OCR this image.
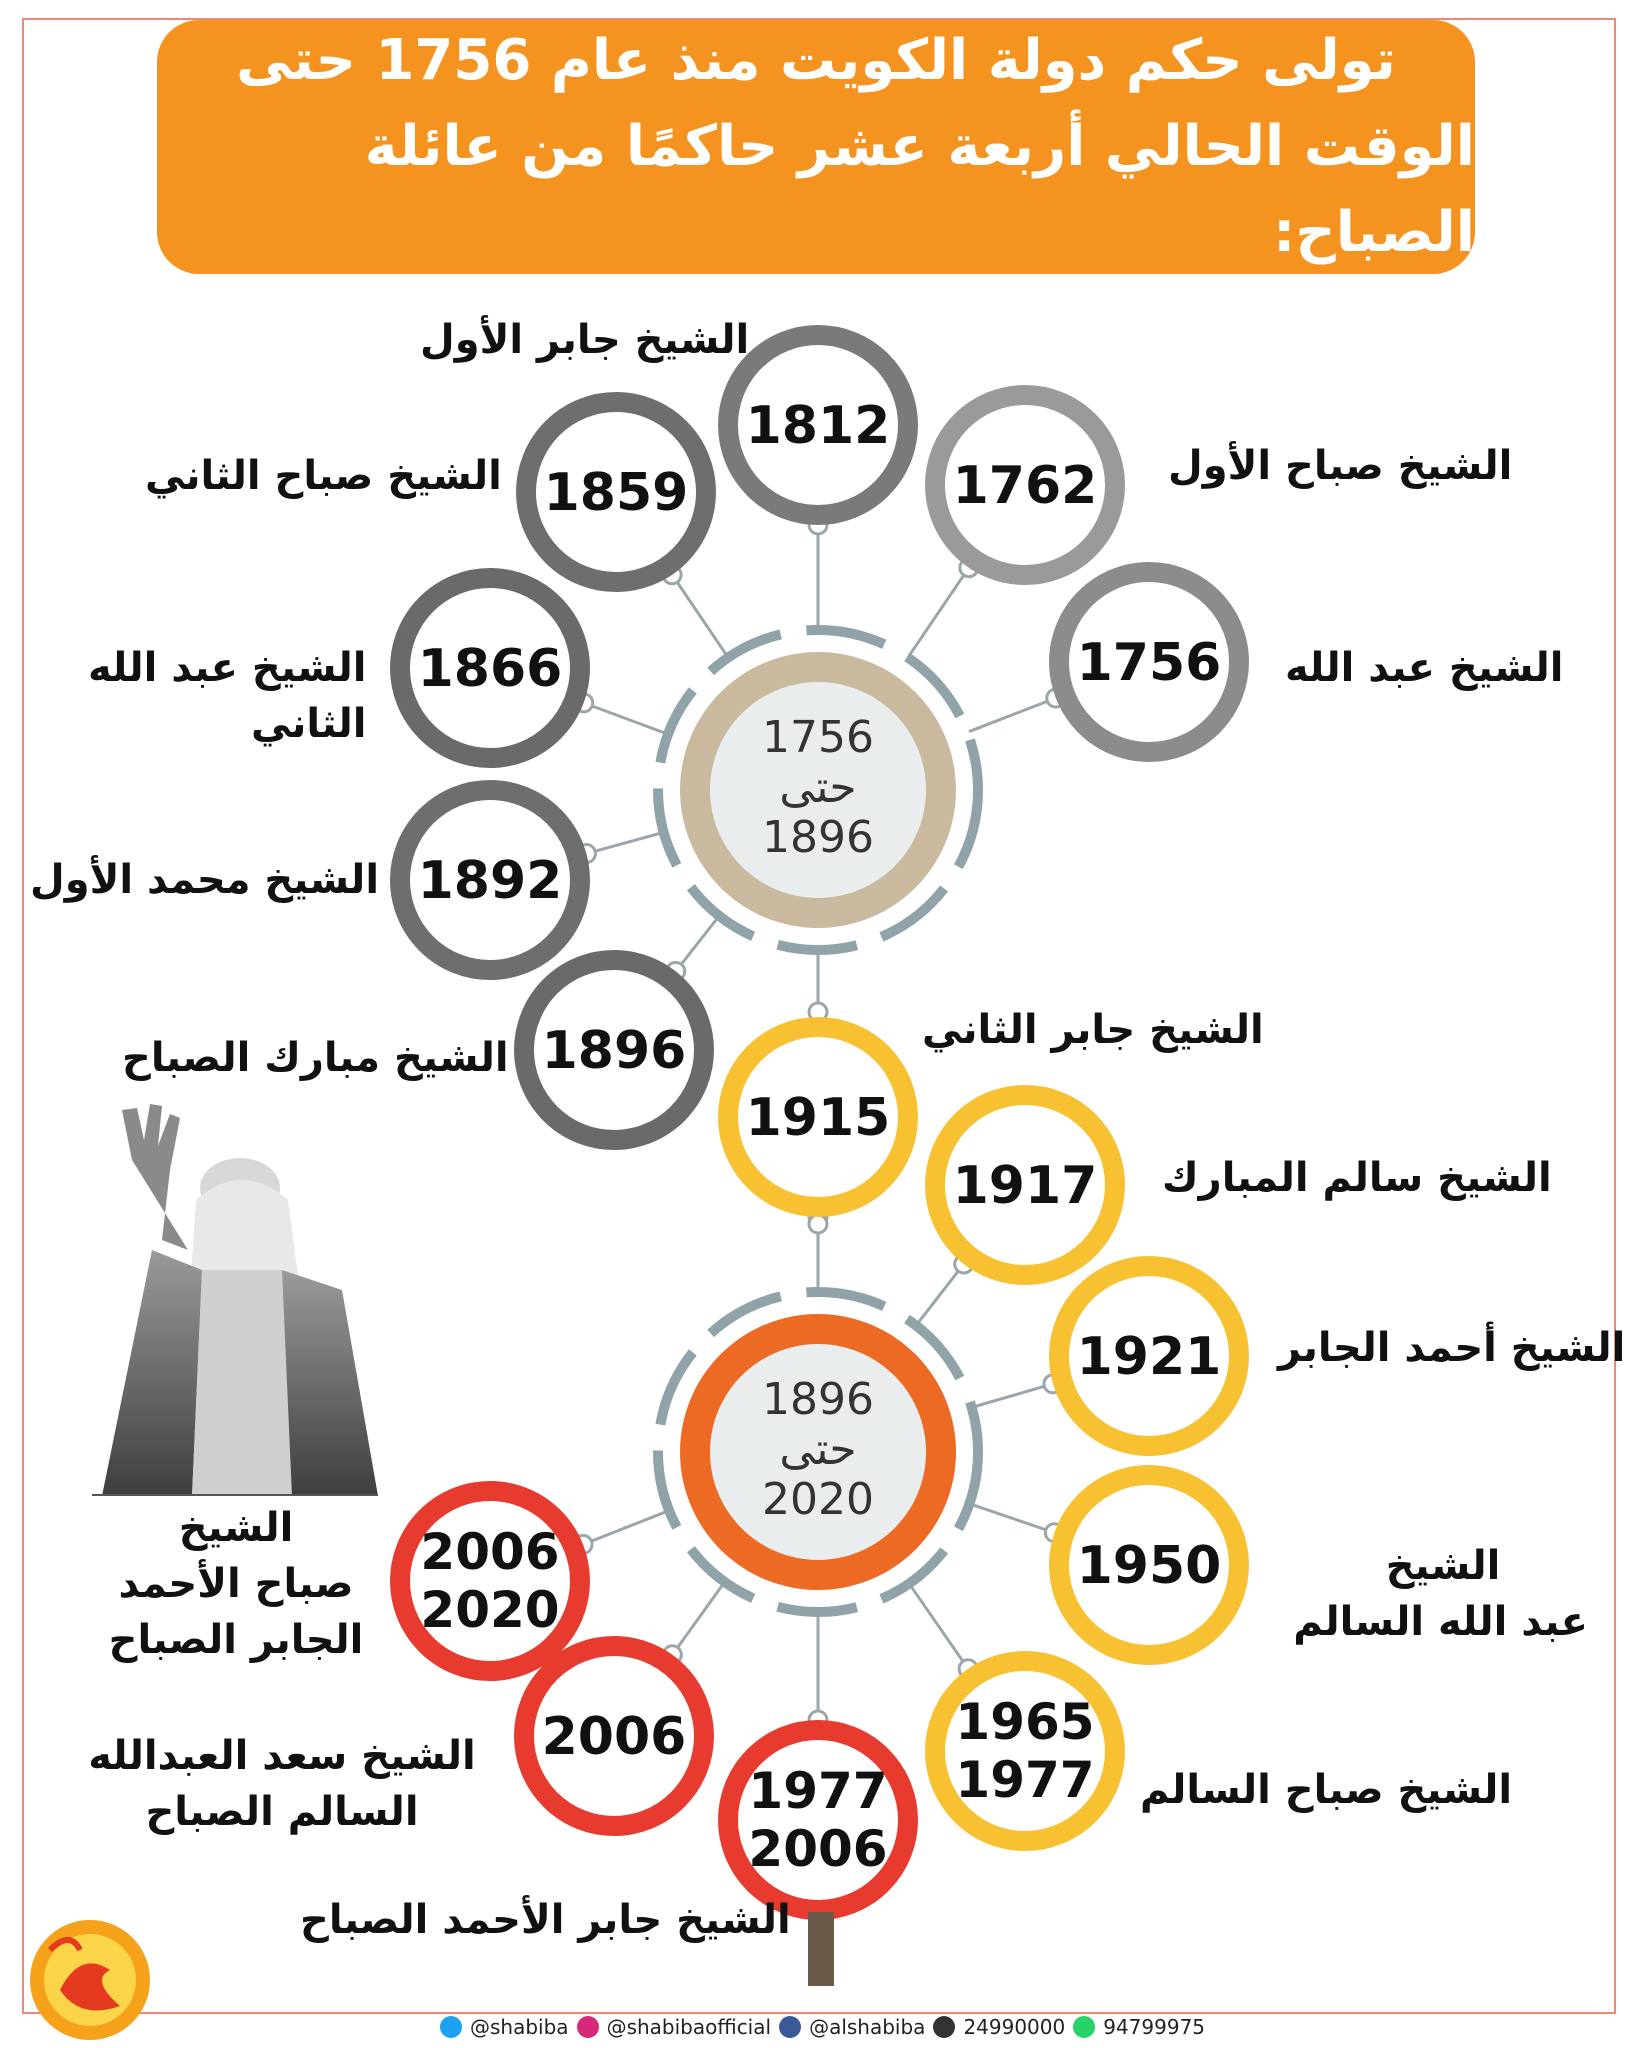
تولى حكم دولة الكويت منذ عام 1756 حتى
الوقت الحالي أربعة عشر حاكمًا من عائلة الصباح:
1756
حتى
1896
1896
حتى
2020
1756
1762
1812
1859
1866
1892
1896
1915
1917
1921
1950
1965
1977
1977
2006
2006
2006
2020
الشيخ عبد الله
الشيخ صباح الأول
الشيخ جابر الأول
الشيخ صباح الثاني
الشيخ عبد الله
الثاني
الشيخ محمد الأول
الشيخ مبارك الصباح
الشيخ جابر الثاني
الشيخ سالم المبارك
الشيخ أحمد الجابر
الشيخ
عبد الله السالم
الشيخ صباح السالم
الشيخ جابر الأحمد الصباح
الشيخ سعد العبدالله
السالم الصباح
الشيخ
صباح الأحمد
الجابر الصباح
@shabiba @shabibaofficial @alshabiba 24990000 94799975
